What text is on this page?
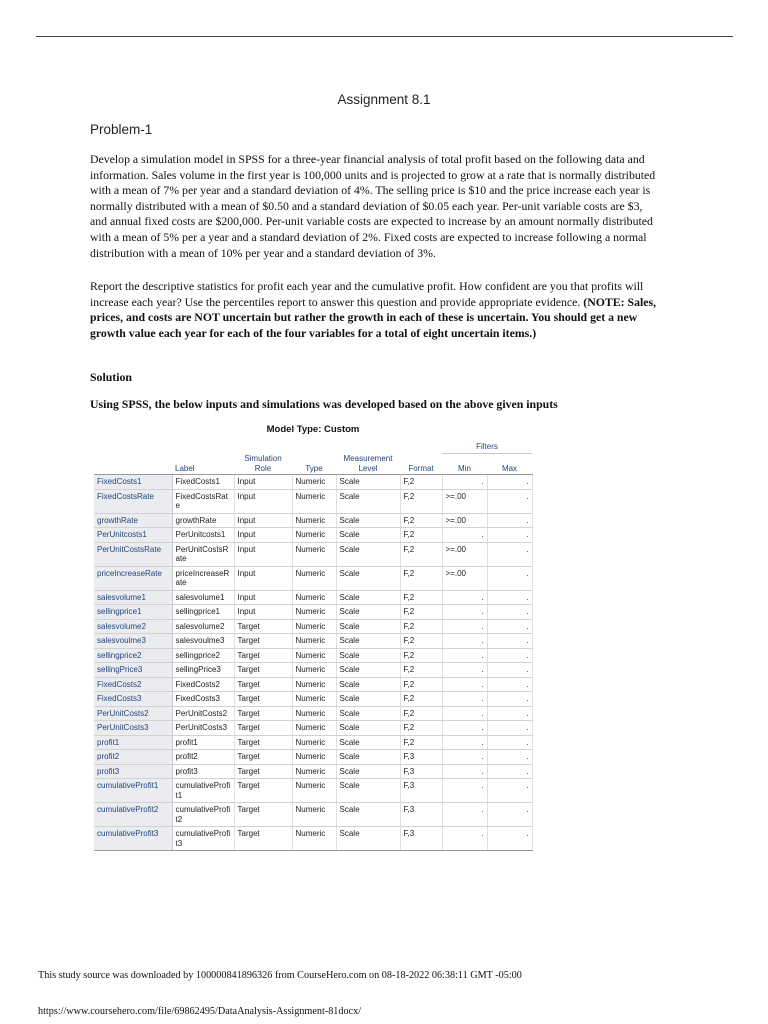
Assignment 8.1
Problem-1

Develop a simulation model in SPSS for a three-year financial analysis of total profit based on the following data and information. Sales volume in the first year is 100,000 units and is projected to grow at a rate that is normally distributed with a mean of 7% per year and a standard deviation of 4%. The selling price is $10 and the price increase each year is normally distributed with a mean of $0.50 and a standard deviation of $0.05 each year. Per-unit variable costs are $3, and annual fixed costs are $200,000. Per-unit variable costs are expected to increase by an amount normally distributed with a mean of 5% per a year and a standard deviation of 2%. Fixed costs are expected to increase following a normal distribution with a mean of 10% per year and a standard deviation of 3%.

Report the descriptive statistics for profit each year and the cumulative profit. How confident are you that profits will increase each year? Use the percentiles report to answer this question and provide appropriate evidence. (NOTE: Sales, prices, and costs are NOT uncertain but rather the growth in each of these is uncertain. You should get a new growth value each year for each of the four variables for a total of eight uncertain items.)

Solution
Using SPSS, the below inputs and simulations was developed based on the above given inputs
Model Type: Custom
						Filters	
	Label	Simulation Role	Type	Measurement Level	Format	Min	Max
FixedCosts1	FixedCosts1	Input	Numeric	Scale	F,2	.	.
FixedCostsRate	FixedCostsRate	Input	Numeric	Scale	F,2	>=.00	.
growthRate	growthRate	Input	Numeric	Scale	F,2	>=.00	.
PerUnitcosts1	PerUnitcosts1	Input	Numeric	Scale	F,2	.	.
PerUnitCostsRate	PerUnitCostsRate	Input	Numeric	Scale	F,2	>=.00	.
priceIncreaseRate	priceIncreaseRate	Input	Numeric	Scale	F,2	>=.00	.
salesvolume1	salesvolume1	Input	Numeric	Scale	F,2	.	.
sellingprice1	sellingprice1	Input	Numeric	Scale	F,2	.	.
salesvolume2	salesvolume2	Target	Numeric	Scale	F,2	.	.
salesvoulme3	salesvoulme3	Target	Numeric	Scale	F,2	.	.
sellingprice2	sellingprice2	Target	Numeric	Scale	F,2	.	.
sellingPrice3	sellingPrice3	Target	Numeric	Scale	F,2	.	.
FixedCosts2	FixedCosts2	Target	Numeric	Scale	F,2	.	.
FixedCosts3	FixedCosts3	Target	Numeric	Scale	F,2	.	.
PerUnitCosts2	PerUnitCosts2	Target	Numeric	Scale	F,2	.	.
PerUnitCosts3	PerUnitCosts3	Target	Numeric	Scale	F,2	.	.
profit1	profit1	Target	Numeric	Scale	F,2	.	.
profit2	profit2	Target	Numeric	Scale	F,3	.	.
profit3	profit3	Target	Numeric	Scale	F,3	.	.
cumulativeProfit1	cumulativeProfit1	Target	Numeric	Scale	F,3	.	.
cumulativeProfit2	cumulativeProfit2	Target	Numeric	Scale	F,3	.	.
cumulativeProfit3	cumulativeProfit3	Target	Numeric	Scale	F,3	.	.
This study source was downloaded by 100000841896326 from CourseHero.com on 08-18-2022 06:38:11 GMT -05:00
https://www.coursehero.com/file/69862495/DataAnalysis-Assignment-81docx/
